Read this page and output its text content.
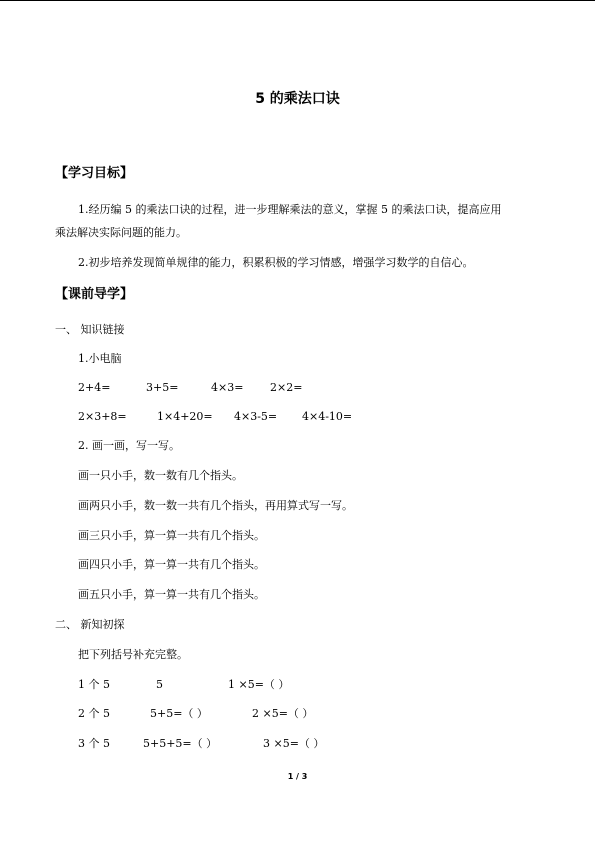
5 的乘法口诀
【学习目标】
1.经历编 5 的乘法口诀的过程，进一步理解乘法的意义，掌握 5 的乘法口诀，提高应用
乘法解决实际问题的能力。
2.初步培养发现简单规律的能力，积累积极的学习情感，增强学习数学的自信心。
【课前导学】
一、 知识链接
1.小电脑
2+4=	3+5=	4×3= 2×2=
2×3+8=	1×4+20= 4×3-5= 4×4-10=
2. 画一画，写一写。
画一只小手，数一数有几个指头。
画两只小手，数一数一共有几个指头，再用算式写一写。
画三只小手，算一算一共有几个指头。
画四只小手，算一算一共有几个指头。
画五只小手，算一算一共有几个指头。
二、 新知初探
把下列括号补充完整。
1 个 5	5	1 ×5=（ ）
2 个 5	5+5=（ ）	2 ×5=（ ）
3 个 5	5+5+5=（ ）	3 ×5=（ ）
1 / 3
